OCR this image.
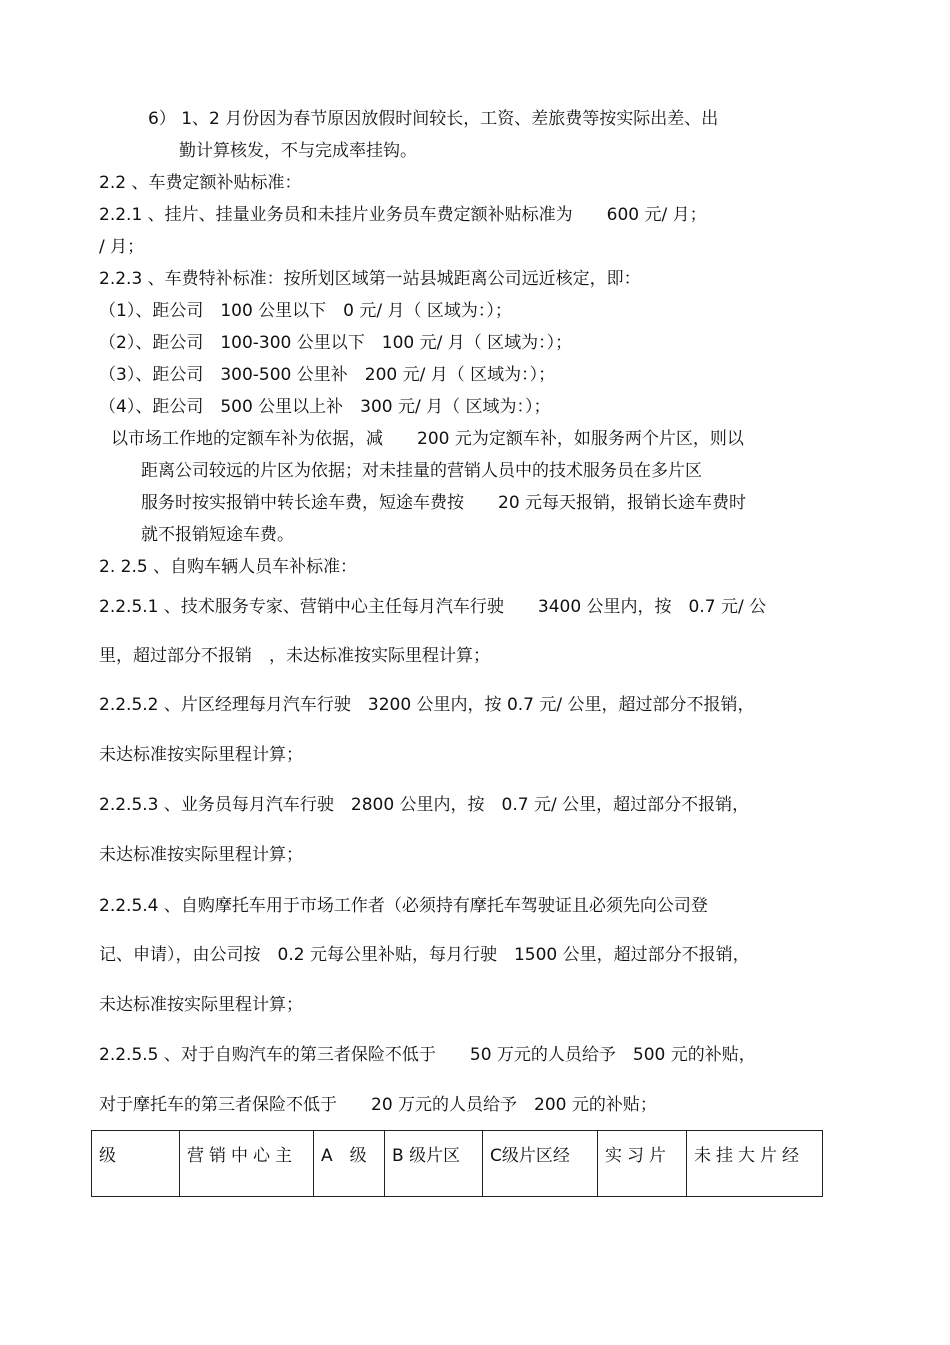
6） 1、2 月份因为春节原因放假时间较长，工资、差旅费等按实际出差、出
勤计算核发，不与完成率挂钩。
2.2 、车费定额补贴标准：
2.2.1 、挂片、挂量业务员和未挂片业务员车费定额补贴标准为　　600 元/ 月；
/ 月；
2.2.3 、车费特补标准：按所划区域第一站县城距离公司远近核定，即：
（1）、距公司　100 公里以下　0 元/ 月（ 区域为：）；
（2）、距公司　100-300 公里以下　100 元/ 月（ 区域为：）；
（3）、距公司　300-500 公里补　200 元/ 月（ 区域为：）；
（4）、距公司　500 公里以上补　300 元/ 月（ 区域为：）；
以市场工作地的定额车补为依据，减　　200 元为定额车补，如服务两个片区，则以
距离公司较远的片区为依据；对未挂量的营销人员中的技术服务员在多片区
服务时按实报销中转长途车费，短途车费按　　20 元每天报销，报销长途车费时
就不报销短途车费。
2. 2.5 、自购车辆人员车补标准：
2.2.5.1 、技术服务专家、营销中心主任每月汽车行驶　　3400 公里内，按　0.7 元/ 公
里，超过部分不报销　，未达标准按实际里程计算；
2.2.5.2 、片区经理每月汽车行驶　3200 公里内，按 0.7 元/ 公里，超过部分不报销，
未达标准按实际里程计算；
2.2.5.3 、业务员每月汽车行驶　2800 公里内，按　0.7 元/ 公里，超过部分不报销，
未达标准按实际里程计算；
2.2.5.4 、自购摩托车用于市场工作者（必须持有摩托车驾驶证且必须先向公司登
记、申请），由公司按　0.2 元每公里补贴，每月行驶　1500 公里，超过部分不报销，
未达标准按实际里程计算；
2.2.5.5 、对于自购汽车的第三者保险不低于　　50 万元的人员给予　500 元的补贴，
对于摩托车的第三者保险不低于　　20 万元的人员给予　200 元的补贴；
级	营销中心主	A　级	B 级片区	C级片区经	实习片	未挂大片经
